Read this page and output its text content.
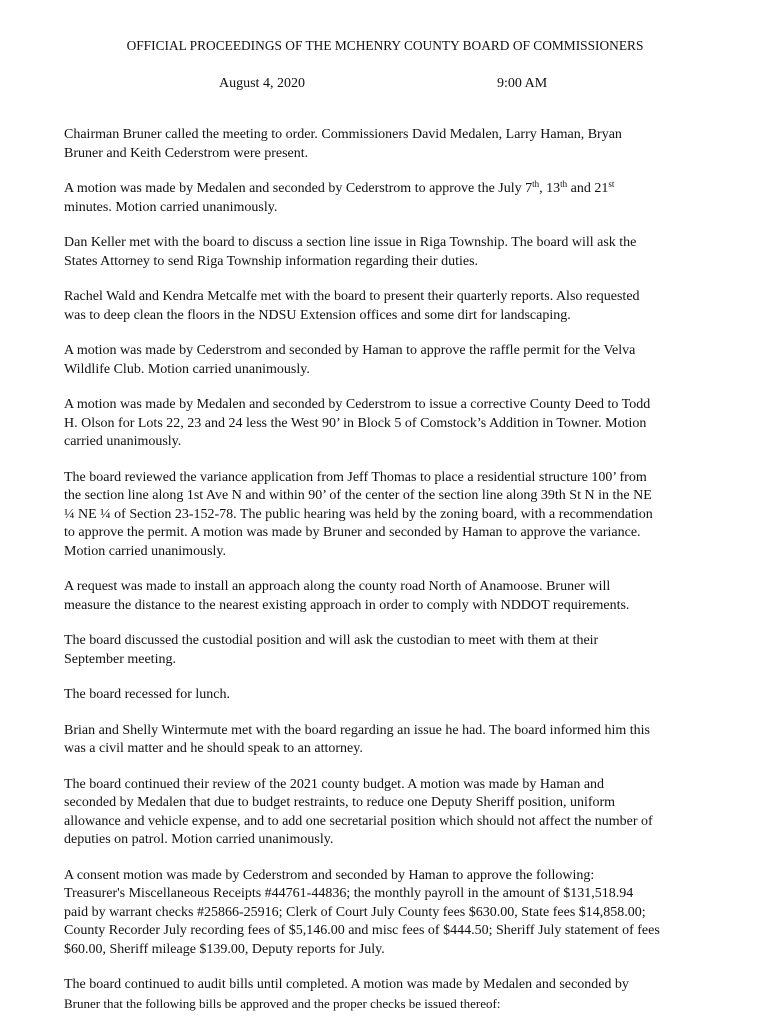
OFFICIAL PROCEEDINGS OF THE MCHENRY COUNTY BOARD OF COMMISSIONERS
August 4, 2020	9:00 AM

Chairman Bruner called the meeting to order. Commissioners David Medalen, Larry Haman, Bryan
Bruner and Keith Cederstrom were present.

A motion was made by Medalen and seconded by Cederstrom to approve the July 7th, 13th and 21st
minutes. Motion carried unanimously.

Dan Keller met with the board to discuss a section line issue in Riga Township. The board will ask the
States Attorney to send Riga Township information regarding their duties.

Rachel Wald and Kendra Metcalfe met with the board to present their quarterly reports. Also requested
was to deep clean the floors in the NDSU Extension offices and some dirt for landscaping.

A motion was made by Cederstrom and seconded by Haman to approve the raffle permit for the Velva
Wildlife Club. Motion carried unanimously.

A motion was made by Medalen and seconded by Cederstrom to issue a corrective County Deed to Todd
H. Olson for Lots 22, 23 and 24 less the West 90’ in Block 5 of Comstock’s Addition in Towner. Motion
carried unanimously.

The board reviewed the variance application from Jeff Thomas to place a residential structure 100’ from
the section line along 1st Ave N and within 90’ of the center of the section line along 39th St N in the NE
¼ NE ¼ of Section 23-152-78. The public hearing was held by the zoning board, with a recommendation
to approve the permit. A motion was made by Bruner and seconded by Haman to approve the variance.
Motion carried unanimously.

A request was made to install an approach along the county road North of Anamoose. Bruner will
measure the distance to the nearest existing approach in order to comply with NDDOT requirements.

The board discussed the custodial position and will ask the custodian to meet with them at their
September meeting.

The board recessed for lunch.

Brian and Shelly Wintermute met with the board regarding an issue he had. The board informed him this
was a civil matter and he should speak to an attorney.

The board continued their review of the 2021 county budget. A motion was made by Haman and
seconded by Medalen that due to budget restraints, to reduce one Deputy Sheriff position, uniform
allowance and vehicle expense, and to add one secretarial position which should not affect the number of
deputies on patrol. Motion carried unanimously.

A consent motion was made by Cederstrom and seconded by Haman to approve the following:
Treasurer's Miscellaneous Receipts #44761-44836; the monthly payroll in the amount of $131,518.94
paid by warrant checks #25866-25916; Clerk of Court July County fees $630.00, State fees $14,858.00;
County Recorder July recording fees of $5,146.00 and misc fees of $444.50; Sheriff July statement of fees
$60.00, Sheriff mileage $139.00, Deputy reports for July.

The board continued to audit bills until completed. A motion was made by Medalen and seconded by
Bruner that the following bills be approved and the proper checks be issued thereof:
